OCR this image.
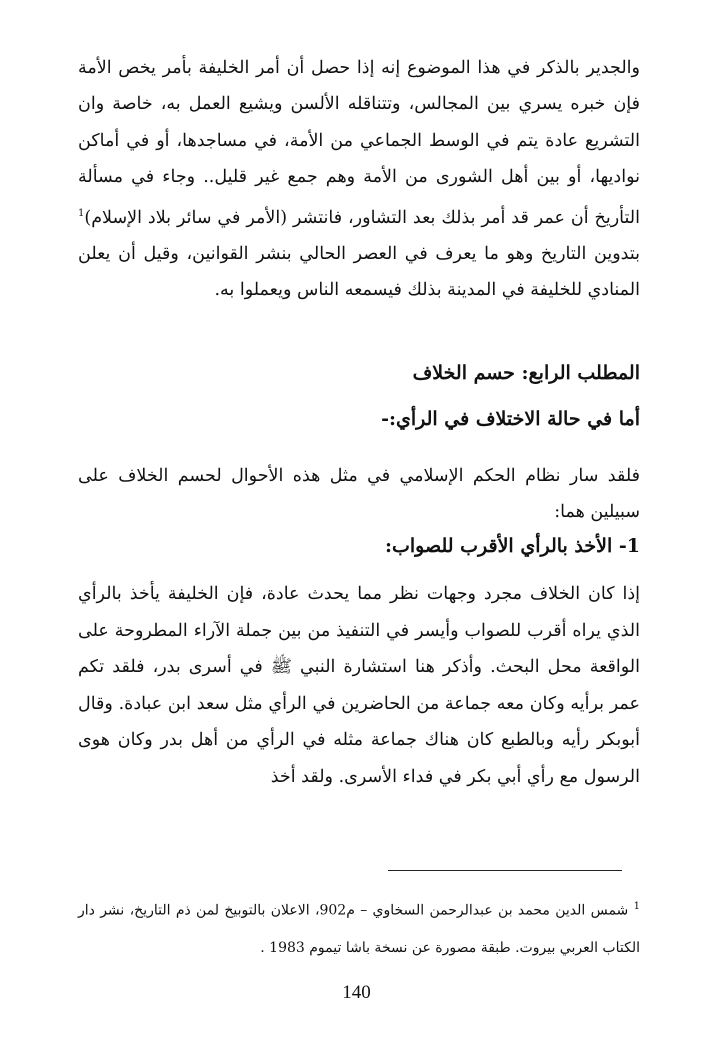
والجدير بالذكر في هذا الموضوع إنه إذا حصل أن أمر الخليفة بأمر يخص الأمة فإن خبره يسري بين المجالس، وتتناقله الألسن ويشيع العمل به، خاصة وان التشريع عادة يتم في الوسط الجماعي من الأمة، في مساجدها، أو في أماكن نواديها، أو بين أهل الشورى من الأمة وهم جمع غير قليل.. وجاء في مسألة التأريخ أن عمر قد أمر بذلك بعد التشاور، فانتشر (الأمر في سائر بلاد الإسلام)$^1$ بتدوين التاريخ وهو ما يعرف في العصر الحالي بنشر القوانين، وقيل أن يعلن المنادي للخليفة في المدينة بذلك فيسمعه الناس ويعملوا به.

المطلب الرابع: حسم الخلاف
أما في حالة الاختلاف في الرأي:-

فلقد سار نظام الحكم الإسلامي في مثل هذه الأحوال لحسم الخلاف على سبيلين هما:

1- الأخذ بالرأي الأقرب للصواب:

إذا كان الخلاف مجرد وجهات نظر مما يحدث عادة، فإن الخليفة يأخذ بالرأي الذي يراه أقرب للصواب وأيسر في التنفيذ من بين جملة الآراء المطروحة على الواقعة محل البحث. وأذكر هنا استشارة النبي ﷺ في أسرى بدر، فلقد تكم عمر برأيه وكان معه جماعة من الحاضرين في الرأي مثل سعد ابن عبادة. وقال أبوبكر رأيه وبالطبع كان هناك جماعة مثله في الرأي من أهل بدر وكان هوى الرسول مع رأي أبي بكر في فداء الأسرى. ولقد أخذ

$^1$ شمس الدين محمد بن عبدالرحمن السخاوي – م902، الاعلان بالتوبيخ لمن ذم التاريخ، نشر دار الكتاب العربي بيروت. طبقة مصورة عن نسخة باشا تيموم 1983 .

140
